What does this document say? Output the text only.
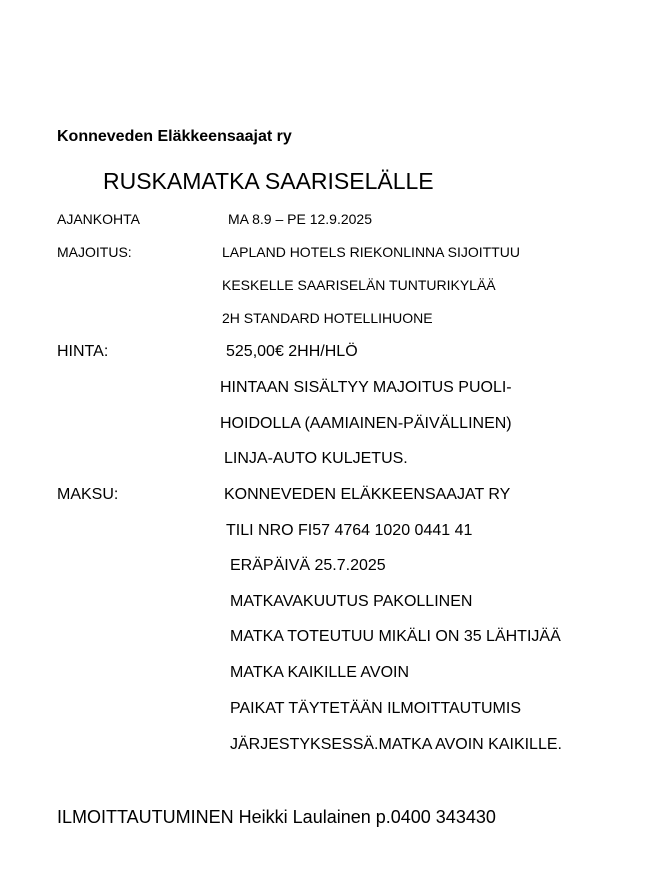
Konneveden Eläkkeensaajat ry
RUSKAMATKA SAARISELÄLLE
AJANKOHTA	MA 8.9 – PE 12.9.2025
MAJOITUS:	LAPLAND HOTELS RIEKONLINNA SIJOITTUU
KESKELLE SAARISELÄN TUNTURIKYLÄÄ
2H STANDARD HOTELLIHUONE
HINTA:	525,00€ 2HH/HLÖ
HINTAAN SISÄLTYY MAJOITUS PUOLI-
HOIDOLLA (AAMIAINEN-PÄIVÄLLINEN)
LINJA-AUTO KULJETUS.
MAKSU:	KONNEVEDEN ELÄKKEENSAAJAT RY
TILI NRO FI57 4764 1020 0441 41
ERÄPÄIVÄ 25.7.2025
MATKAVAKUUTUS PAKOLLINEN
MATKA TOTEUTUU MIKÄLI ON 35 LÄHTIJÄÄ
MATKA KAIKILLE AVOIN
PAIKAT TÄYTETÄÄN ILMOITTAUTUMIS
JÄRJESTYKSESSÄ.MATKA AVOIN KAIKILLE.
ILMOITTAUTUMINEN Heikki Laulainen p.0400 343430
